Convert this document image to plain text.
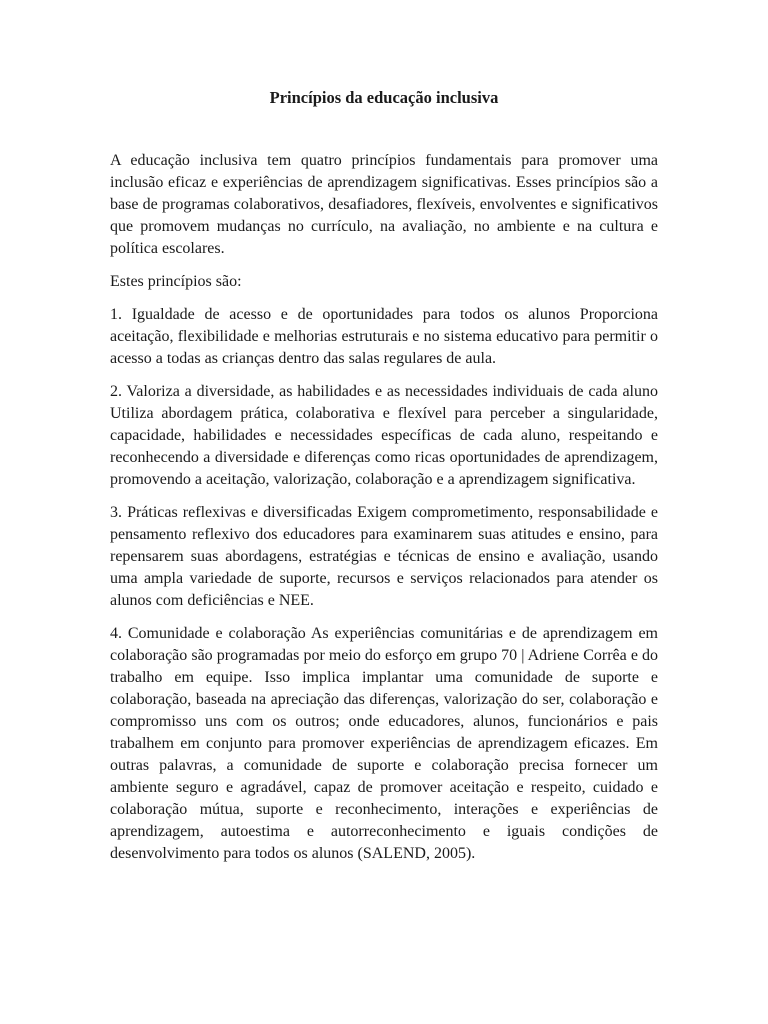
Princípios da educação inclusiva

A educação inclusiva tem quatro princípios fundamentais para promover uma inclusão eficaz e experiências de aprendizagem significativas. Esses princípios são a base de programas colaborativos, desafiadores, flexíveis, envolventes e significativos que promovem mudanças no currículo, na avaliação, no ambiente e na cultura e política escolares.

Estes princípios são:

1. Igualdade de acesso e de oportunidades para todos os alunos Proporciona aceitação, flexibilidade e melhorias estruturais e no sistema educativo para permitir o acesso a todas as crianças dentro das salas regulares de aula.

2. Valoriza a diversidade, as habilidades e as necessidades individuais de cada aluno Utiliza abordagem prática, colaborativa e flexível para perceber a singularidade, capacidade, habilidades e necessidades específicas de cada aluno, respeitando e reconhecendo a diversidade e diferenças como ricas oportunidades de aprendizagem, promovendo a aceitação, valorização, colaboração e a aprendizagem significativa.

3. Práticas reflexivas e diversificadas Exigem comprometimento, responsabilidade e pensamento reflexivo dos educadores para examinarem suas atitudes e ensino, para repensarem suas abordagens, estratégias e técnicas de ensino e avaliação, usando uma ampla variedade de suporte, recursos e serviços relacionados para atender os alunos com deficiências e NEE.

4. Comunidade e colaboração As experiências comunitárias e de aprendizagem em colaboração são programadas por meio do esforço em grupo 70 | Adriene Corrêa e do trabalho em equipe. Isso implica implantar uma comunidade de suporte e colaboração, baseada na apreciação das diferenças, valorização do ser, colaboração e compromisso uns com os outros; onde educadores, alunos, funcionários e pais trabalhem em conjunto para promover experiências de aprendizagem eficazes. Em outras palavras, a comunidade de suporte e colaboração precisa fornecer um ambiente seguro e agradável, capaz de promover aceitação e respeito, cuidado e colaboração mútua, suporte e reconhecimento, interações e experiências de aprendizagem, autoestima e autorreconhecimento e iguais condições de desenvolvimento para todos os alunos (SALEND, 2005).
